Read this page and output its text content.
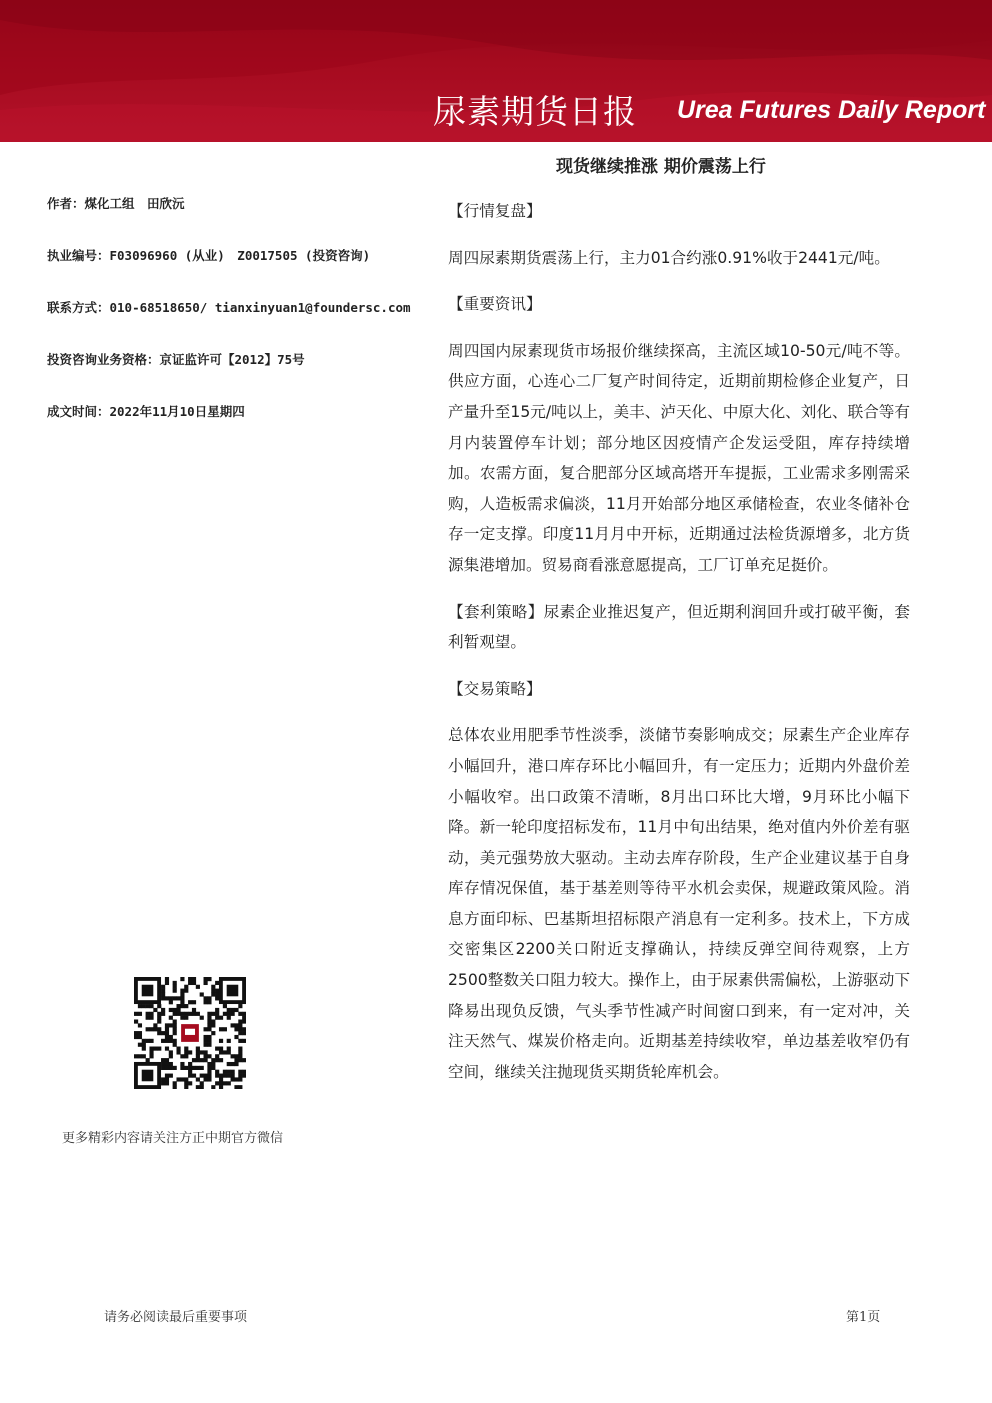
尿素期货日报 Urea Futures Daily Report
现货继续推涨 期价震荡上行
作者：煤化工组　田欣沅
执业编号：F03096960 (从业)　Z0017505 (投资咨询)
联系方式：010-68518650/ tianxinyuan1@foundersc.com
投资咨询业务资格：京证监许可【2012】75号
成文时间：2022年11月10日星期四
【行情复盘】

周四尿素期货震荡上行，主力01合约涨0.91%收于2441元/吨。

【重要资讯】

周四国内尿素现货市场报价继续探高，主流区域10-50元/吨不等。供应方面，心连心二厂复产时间待定，近期前期检修企业复产，日产量升至15元/吨以上，美丰、泸天化、中原大化、刘化、联合等有月内装置停车计划；部分地区因疫情产企发运受阻，库存持续增加。农需方面，复合肥部分区域高塔开车提振，工业需求多刚需采购，人造板需求偏淡，11月开始部分地区承储检查，农业冬储补仓存一定支撑。印度11月月中开标，近期通过法检货源增多，北方货源集港增加。贸易商看涨意愿提高，工厂订单充足挺价。

【套利策略】尿素企业推迟复产，但近期利润回升或打破平衡，套利暂观望。

【交易策略】

总体农业用肥季节性淡季，淡储节奏影响成交；尿素生产企业库存小幅回升，港口库存环比小幅回升，有一定压力；近期内外盘价差小幅收窄。出口政策不清晰，8月出口环比大增，9月环比小幅下降。新一轮印度招标发布，11月中旬出结果，绝对值内外价差有驱动，美元强势放大驱动。主动去库存阶段，生产企业建议基于自身库存情况保值，基于基差则等待平水机会卖保，规避政策风险。消息方面印标、巴基斯坦招标限产消息有一定利多。技术上，下方成交密集区2200关口附近支撑确认，持续反弹空间待观察，上方2500整数关口阻力较大。操作上，由于尿素供需偏松，上游驱动下降易出现负反馈，气头季节性减产时间窗口到来，有一定对冲，关注天然气、煤炭价格走向。近期基差持续收窄，单边基差收窄仍有空间，继续关注抛现货买期货轮库机会。

更多精彩内容请关注方正中期官方微信
请务必阅读最后重要事项	第1页
